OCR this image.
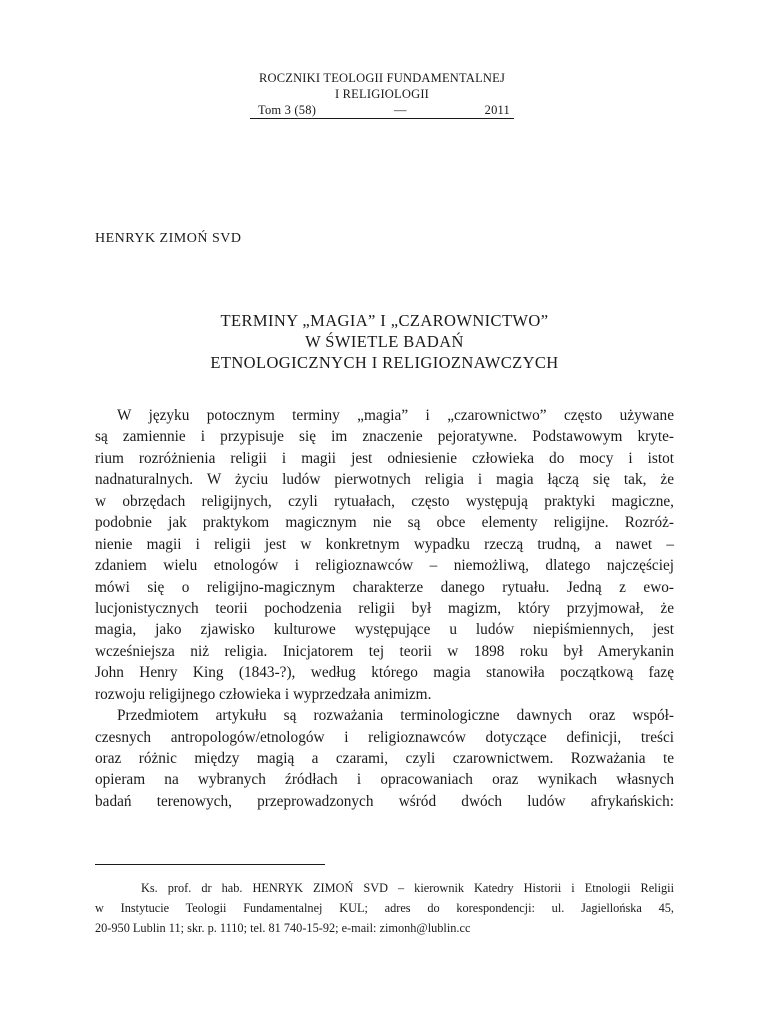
ROCZNIKI TEOLOGII FUNDAMENTALNEJ
I RELIGIOLOGII
Tom 3 (58)	—	2011
HENRYK ZIMOŃ SVD
TERMINY „MAGIA” I „CZAROWNICTWO”
W ŚWIETLE BADAŃ
ETNOLOGICZNYCH I RELIGIOZNAWCZYCH
W języku potocznym terminy „magia” i „czarownictwo” często używane
są zamiennie i przypisuje się im znaczenie pejoratywne. Podstawowym kryte-
rium rozróżnienia religii i magii jest odniesienie człowieka do mocy i istot
nadnaturalnych. W życiu ludów pierwotnych religia i magia łączą się tak, że
w obrzędach religijnych, czyli rytuałach, często występują praktyki magiczne,
podobnie jak praktykom magicznym nie są obce elementy religijne. Rozróż-
nienie magii i religii jest w konkretnym wypadku rzeczą trudną, a nawet –
zdaniem wielu etnologów i religioznawców – niemożliwą, dlatego najczęściej
mówi się o religijno-magicznym charakterze danego rytuału. Jedną z ewo-
lucjonistycznych teorii pochodzenia religii był magizm, który przyjmował, że
magia, jako zjawisko kulturowe występujące u ludów niepiśmiennych, jest
wcześniejsza niż religia. Inicjatorem tej teorii w 1898 roku był Amerykanin
John Henry King (1843-?), według którego magia stanowiła początkową fazę
rozwoju religijnego człowieka i wyprzedzała animizm.
Przedmiotem artykułu są rozważania terminologiczne dawnych oraz współ-
czesnych antropologów/etnologów i religioznawców dotyczące definicji, treści
oraz różnic między magią a czarami, czyli czarownictwem. Rozważania te
opieram na wybranych źródłach i opracowaniach oraz wynikach własnych
badań terenowych, przeprowadzonych wśród dwóch ludów afrykańskich:
Ks. prof. dr hab. HENRYK ZIMOŃ SVD – kierownik Katedry Historii i Etnologii Religii
w Instytucie Teologii Fundamentalnej KUL; adres do korespondencji: ul. Jagiellońska 45,
20-950 Lublin 11; skr. p. 1110; tel. 81 740-15-92; e-mail: zimonh@lublin.cc
